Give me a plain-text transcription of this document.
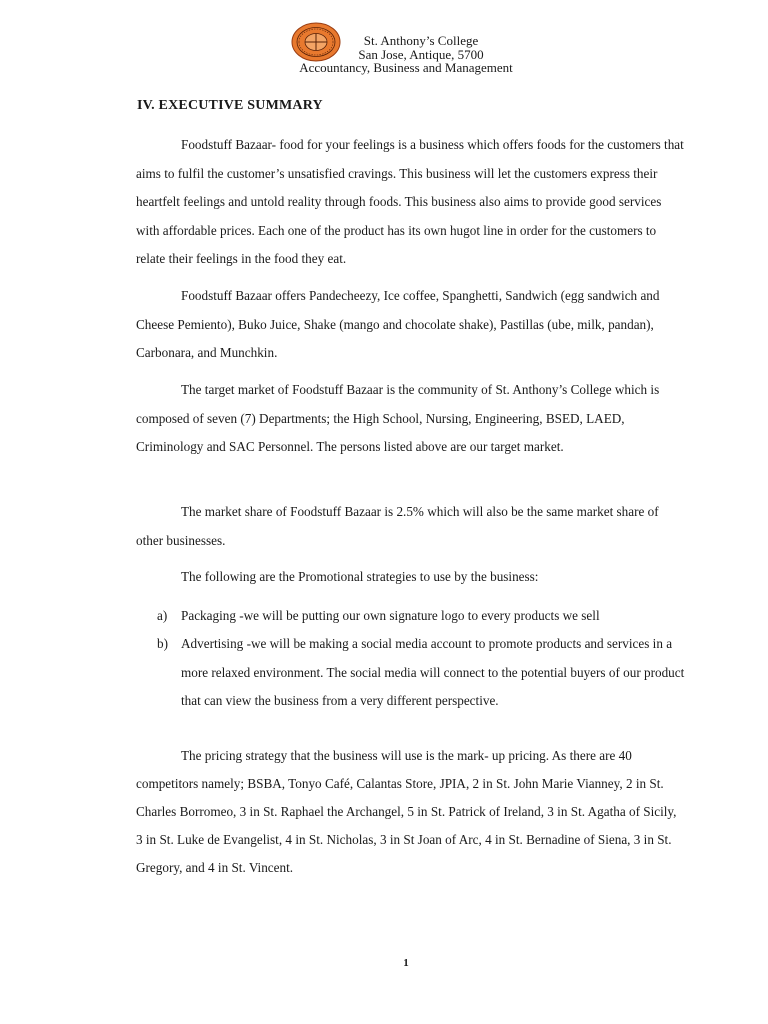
St. Anthony’s College
San Jose, Antique, 5700
Accountancy, Business and Management
IV. EXECUTIVE SUMMARY

Foodstuff Bazaar- food for your feelings is a business which offers foods for the customers that aims to fulfil the customer’s unsatisfied cravings. This business will let the customers express their heartfelt feelings and untold reality through foods. This business also aims to provide good services with affordable prices. Each one of the product has its own hugot line in order for the customers to relate their feelings in the food they eat.

Foodstuff Bazaar offers Pandecheezy, Ice coffee, Spanghetti, Sandwich (egg sandwich and Cheese Pemiento), Buko Juice, Shake (mango and chocolate shake), Pastillas (ube, milk, pandan), Carbonara, and Munchkin.

The target market of Foodstuff Bazaar is the community of St. Anthony’s College which is composed of seven (7) Departments; the High School, Nursing, Engineering, BSED, LAED, Criminology and SAC Personnel. The persons listed above are our target market.

The market share of Foodstuff Bazaar is 2.5% which will also be the same market share of other businesses.

The following are the Promotional strategies to use by the business:

a) Packaging -we will be putting our own signature logo to every products we sell
b) Advertising -we will be making a social media account to promote products and services in a more relaxed environment. The social media will connect to the potential buyers of our product that can view the business from a very different perspective.

The pricing strategy that the business will use is the mark- up pricing. As there are 40 competitors namely; BSBA, Tonyo Café, Calantas Store, JPIA, 2 in St. John Marie Vianney, 2 in St. Charles Borromeo, 3 in St. Raphael the Archangel, 5 in St. Patrick of Ireland, 3 in St. Agatha of Sicily, 3 in St. Luke de Evangelist, 4 in St. Nicholas, 3 in St Joan of Arc, 4 in St. Bernadine of Siena, 3 in St. Gregory, and 4 in St. Vincent.

1
